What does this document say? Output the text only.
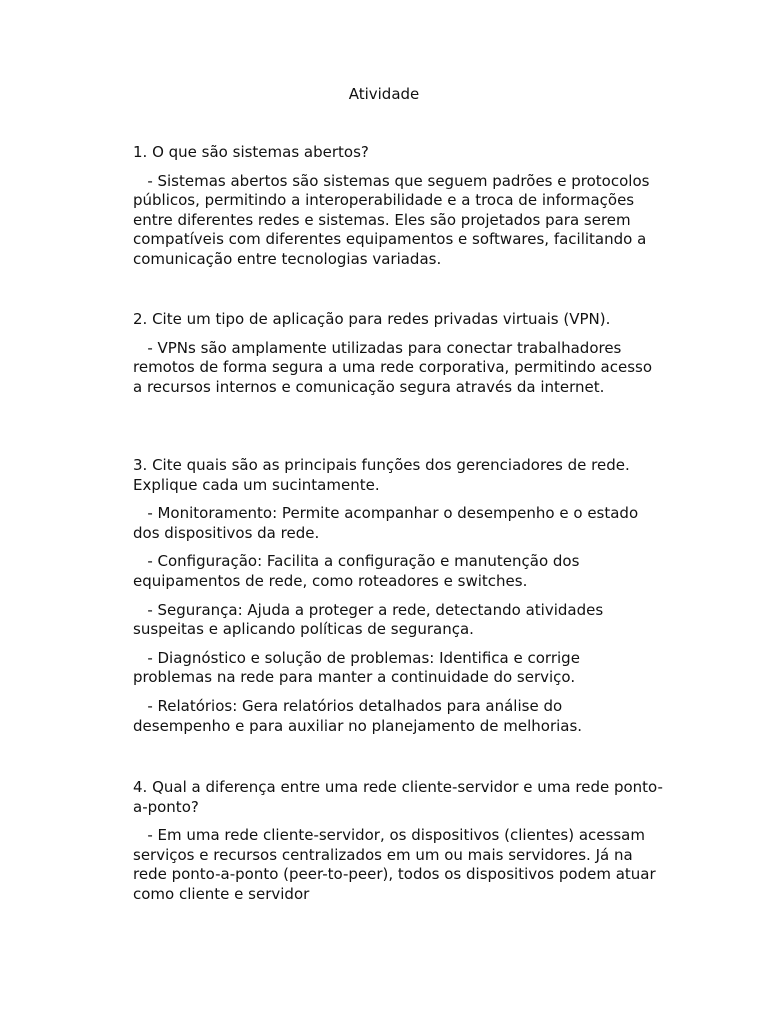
Atividade

1. O que são sistemas abertos?

- Sistemas abertos são sistemas que seguem padrões e protocolos públicos, permitindo a interoperabilidade e a troca de informações entre diferentes redes e sistemas. Eles são projetados para serem compatíveis com diferentes equipamentos e softwares, facilitando a comunicação entre tecnologias variadas.

2. Cite um tipo de aplicação para redes privadas virtuais (VPN).

- VPNs são amplamente utilizadas para conectar trabalhadores remotos de forma segura a uma rede corporativa, permitindo acesso a recursos internos e comunicação segura através da internet.

3. Cite quais são as principais funções dos gerenciadores de rede. Explique cada um sucintamente.

- Monitoramento: Permite acompanhar o desempenho e o estado dos dispositivos da rede.

- Configuração: Facilita a configuração e manutenção dos equipamentos de rede, como roteadores e switches.

- Segurança: Ajuda a proteger a rede, detectando atividades suspeitas e aplicando políticas de segurança.

- Diagnóstico e solução de problemas: Identifica e corrige problemas na rede para manter a continuidade do serviço.

- Relatórios: Gera relatórios detalhados para análise do desempenho e para auxiliar no planejamento de melhorias.

4. Qual a diferença entre uma rede cliente-servidor e uma rede ponto-a-ponto?

- Em uma rede cliente-servidor, os dispositivos (clientes) acessam serviços e recursos centralizados em um ou mais servidores. Já na rede ponto-a-ponto (peer-to-peer), todos os dispositivos podem atuar como cliente e servidor
